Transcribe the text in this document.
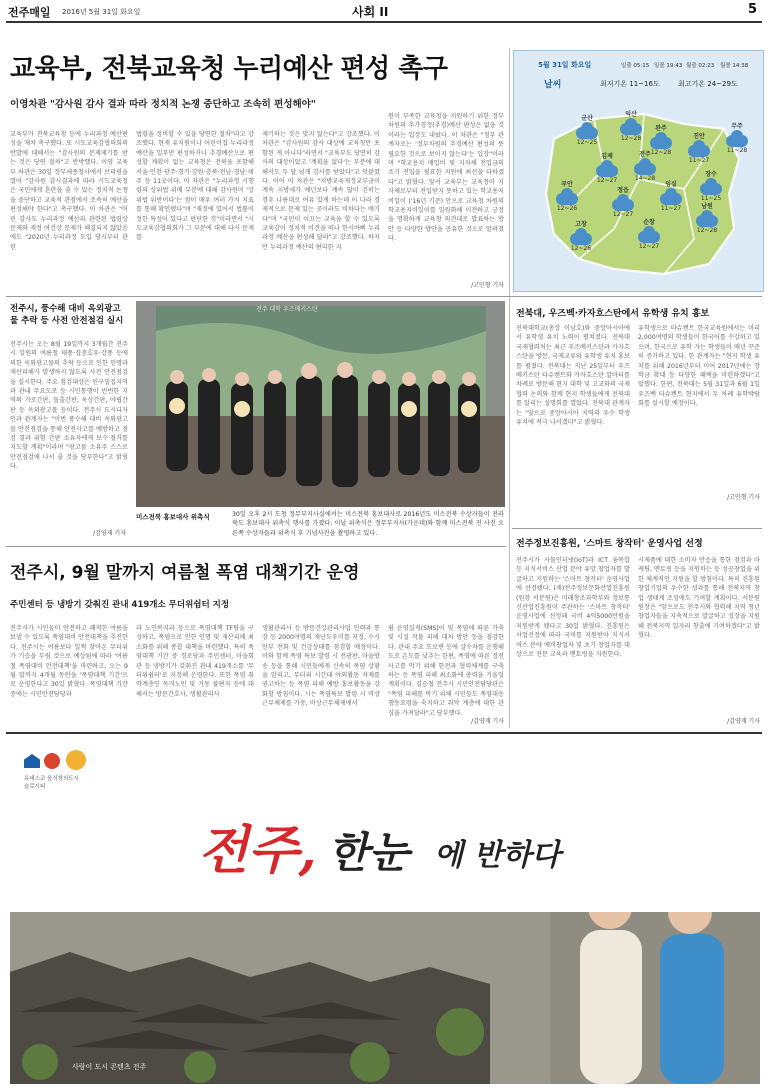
전주매일 2016년 5월 31일 화요일	사회 II	5
교육부, 전북교육청 누리예산 편성 촉구
이영차관 "감사원 감사 결과 따라 정치적 논쟁 중단하고 조속히 편성해야"
교육부가 전북교육청 등에 누리과정 예산편성을 재차 촉구했다. 또 시도교육감협의회의 반발에 대해서는 "감사원의 문제제기를 받는 것은 당연 절차"고 반박했다. 이영 교육부 차관은 30일 정부세종청사에서 브리핑을 열어 "감사원 감사결과에 따라 시도교육청은 국민에게 혼란을 줄 수 있는 정치적 논쟁을 중단하고 교육적 관점에서 조속히 예산을 편성해야 한다"고 촉구했다. 이 차관은 "어린 감사도 누리과정 예산과 관련된 법령상 문제와 재정 여건상 문제가 해결되지 않았음에도 "2020년 누리과정 도입 당시부터 관련
법령을 정비할 수 있을 당연한 절차"라고 강조했다. 현재 유치원이나 어린이집 누리과정 예산을 일부만 편성하거나 추경예산으로 편성할 계획이 없는 교육청은 전북을 포함해 서울·인천·광주·경기·강원·충북·전남·경남·제주 등 11곳이다. 이 차관은 "누리과정 시행령의 상위법 위배 부분에 대해 감사원이 '상위법 위반이다'는 점이 매우 여러 가지 지표를 통해 확인됐다"며 "재정에 있어서 법률이 정한 특성이 있다고 판단한 것"이라면서 "시도교육감협의회가 그 부분에 대해 다시 문제를
제기하는 것은 맞지 않는다"고 강조했다. 이 차관은 "감사원의 감사 대상에 교육청만 포함된 게 아니다"라면서 "교육부도 당연히 감사의 대상이었고 '계획을 없다'는 부분에 대해서도 두 달 넘게 감사를 받았다"고 덧붙였다. 이어 이 차관은 "지방교육재정교부금이 계속 지방세가 예년보다 계속 많이 걷히는 경우 나름대로 여유 있게 하는데 이 나라 경제적으로 문제 있는 곳이라도 비하다는 얘기다"며 "국민이 이끄는 교육을 할 수 있도록 교육감이 정치적 이견을 떠나 한시바삐 누리과정 예산을 편성해 달라"고 강조했다. 하지만 누리과정 예산의 편리한 지
원이 부족한 교육청을 지원하기 위한 정부차원의 추가경정(추경)예산 편성은 없을 것이라는 입장도 내놨다. 이 차관은 "정부 관계자로는 '정부차원의 추경예산 편성의 뜻 필요한 것으로 보이지 않는다'는 입장"이라며 "학교용지 매입비 및 지자체 전입금의 조기 전입을 필요한 지원에 최선을 다하겠다"고 밝혔다. 앞서 교육부는 교육청이 지자체로부터 전입받지 못하고 있는 학교용지비일이 ('16년 기준) 안으로 교육청 차원의 학교용지비일이를 일원화해 이전하고 긍정을 명확하게 교육청 의견대로 발표하는 방안 등 다양한 방안을 공유한 것으로 알려졌다.
/고민형 기자
5월 31일 화요일	일출 05:15 일몰 19:43 월출 02:23 월몰 14:38
날씨	최저기온 11~16도	최고기온 24~29도
군산
12~25
익산
12~28
완주
12~28
진안
11~27
무주
11~28
김제
12~27
전주
14~28
장수
11~25
부안
12~26
정읍
12~27
임실
11~27	남원
12~28
고창
12~26
순창
12~27
전주 대학 우즈베키스탄
미스전북 홍보대사 위촉식	30일 오후 2시 도청 정무부지사실에서는 미스전북 홍보대사로 2016년도 미스전북 수상자들이 전라북도 홍보대사 위촉식 행사를 가졌다. 이날 위촉식은 정무부지사(가운데)와 함께 미스전북 진 사진 오른쪽 수상자들과 위촉식 후 기념사진을 촬영하고 있다.
전주시, 풍수해 대비 옥외광고물 추락 등 사전 안전점검 실시
전주시는 오는 8월 19일까지 3개월간 전주시 일원의 여름철 태풍·집중호우·강풍 등에 의한 옥외광고물의 추락 등으로 인한 인명과 재산피해가 발생하지 않도록 사전 안전점검을 실시한다. 주요 점검대상은 인구밀집지역과 관내 주요도로 등 시민통행이 빈번한 지역의 가로간판, 돌출간판, 옥상간판, 야립간판 등 옥외광고물 등이다. 전주시 도시디자인과 관계자는 "이번 풍수해 대비 옥외광고물 안전점검을 통해 안전사고를 예방하고 점검 결과 위험 간판 소유자에게 보수·철거를 지도할 계획"이라며 "광고물 소유주 스스로 안전점검에 나서 줄 것을 당부한다"고 밝혔다.
/김영재 기자
전북대, 우즈벡·카자흐스탄에서 유학생 유치 홍보
전북대학교(총장 이남호)와 중앙아시아에서 유학생 유치 노력이 펼쳐졌다. 전북대 국제협력처는 최근 우즈베키스탄과 카자흐스탄을 방문, 국제교류와 유학생 유치 홍보를 펼쳤다. 전북대는 지난 25일부터 우즈베키스탄 타슈켄트와 카자흐스탄 알마티를 차례로 방문해 현지 대학 및 고교와의 국제협력 논의와 함께 현지 학생들에게 전북대를 알리는 설명회를 열었다. 전북대 관계자는 "앞으로 중앙아시아 지역의 우수 학생 유치에 적극 나서겠다"고 밝혔다.
유학생으로 타슈켄트 한국교육원에서는 미리 2,000여명의 학생들이 한국어를 수강하고 있으며, 한국으로 유학 가는 학생들이 매년 꾸준히 증가하고 있다. 한 관계자는 "현지 학생 유치를 위해 2016년부터 이어 2017년에는 장학금 확대 등 다양한 혜택을 마련하겠다"고 말했다. 한편, 전북대는 5월 31일과 6월 1일 우즈벡 타슈켄트 현지에서 두 차례 유학박람회를 실시할 예정이다.
/고민형 기자
전주정보진흥원, '스마트 창작터' 운영사업 선정
전주시가 사물인터넷(IoT)과 ICT 융복합 등 지식서비스 산업 분야 유망 창업자를 발굴하고 지원하는 '스마트 창작터' 운영사업에 선정됐다. (재)전주정보문화산업진흥원(원장 서문원)은 미래창조과학부와 정보통신산업진흥원이 주관하는 '스마트 창작터' 운영사업에 선정돼 국비 4억5000만원을 지원받게 됐다고 30일 밝혔다. 진흥원은 사업선정에 따라 국비를 지원받아 지식서비스 분야 예비창업자 및 초기 창업자를 대상으로 전문 교육과 멘토링을 지원한다.
시제품에 대한 소비자 반응을 통한 점검과 마케팅, 멘토링 등을 지원하는 등 성공창업을 위한 체계적인 지원을 할 방침이다. 특히 진흥원 창업기업의 우수한 성과를 통해 전북지역 창업 생태계 조성에도 기여할 계획이다. 서문원 원장은 "앞으로도 전주시와 협력해 지역 청년 창업자들을 지속적으로 발굴하고 성장을 지원해 전북지역 일자리 창출에 기여하겠다"고 밝혔다.
/김영재 기자
전주시, 9월 말까지 여름철 폭염 대책기간 운영
주민센터 등 냉방기 갖춰진 관내 419개소 무더위쉼터 지정
전주시가 시민들이 안전하고 쾌적한 여름을 보낼 수 있도록 폭염대비 안전대책을 추진한다. 전주시는 여름보다 일찍 찾아온 무더위가 기승을 부림 것으로 예상됨에 따라 '여름철 폭염대비 안전대책'을 마련하고, 오는 9월 말까지 4개월 동안을 '폭염대책 기간'으로 운영한다고 30일 밝혔다. 폭염대책 기간 중에는 시민안전담당과
과 노인복지과 등으로 폭염대책 TF팀을 구성하고, 폭염으로 인한 인명 및 재산피해 최소화를 위해 종합 대책을 마련했다. 특히 폭염대책 기간 중 경로당과 주민센터, 마을회관 등 냉방기가 갖춰진 관내 419개소를 '무더위쉼터'로 지정해 운영한다. 또한 폭염 취약계층인 독거노인 및 거동 불편자 등에 대해서는 방문간호사, 생활관리사
생활관리사 등 방문건강관리사업 인력과 통장 등 2000여명의 재난도우미를 지정, 수시 안부 전화 및 건강상태를 점검할 예정이다. 이와 함께 폭염 특보 발령 시 전광판, 마을방송 등을 통해 시민들에게 신속히 폭염 상황을 알리고, 무더위 시간대 야외활동 자제를 권고하는 등 폭염 피해 예방 홍보활동을 강화할 방침이다. 시는 폭염특보 발령 시 비상근무체제를 가동, 비상근무체제에서
쉼 운영실적(SMS)이 및 폭염에 따른 가축 및 시설 작물 피해 대처 방안 등을 점검한다. 관내 주요 도로변 등에 살수차를 운행해 도로 온도를 낮추는 한편, 폭염에 따른 정전 사고를 막기 위해 한전과 협력체계를 구축하는 등 폭염 피해 최소화에 총력을 기울일 계획이다. 김승철 전주시 시민안전담당관은 "폭염 피해를 막기 위해 시민들도 폭염대응 행동요령을 숙지하고 취약 계층에 대한 관심을 가져달라"고 당부했다.
/김영재 기자
유네스코 음식창의도시
슬로시티
전주, 한눈 에 반하다
사람이 도시 콘텐츠 전주
